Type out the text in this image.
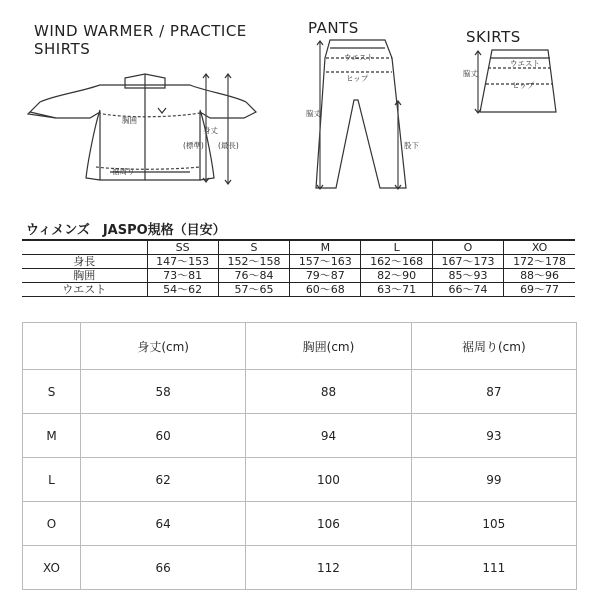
WIND WARMER / PRACTICE
SHIRTS
PANTS	SKIRTS
胸囲
身丈
(標準) (最長)
裾周り
ウエスト
ヒップ
脇丈
股下
ウエスト
ヒップ
脇丈
ウィメンズ　JASPO規格（目安）
	SS	S	M	L	O	XO
身長	147～153	152～158	157～163	162～168	167～173	172～178
胸囲	73～81	76～84	79～87	82～90	85～93	88～96
ウエスト	54～62	57～65	60～68	63～71	66～74	69～77
	身丈(cm)	胸囲(cm)	裾周り(cm)
S	58	88	87
M	60	94	93
L	62	100	99
O	64	106	105
XO	66	112	111
